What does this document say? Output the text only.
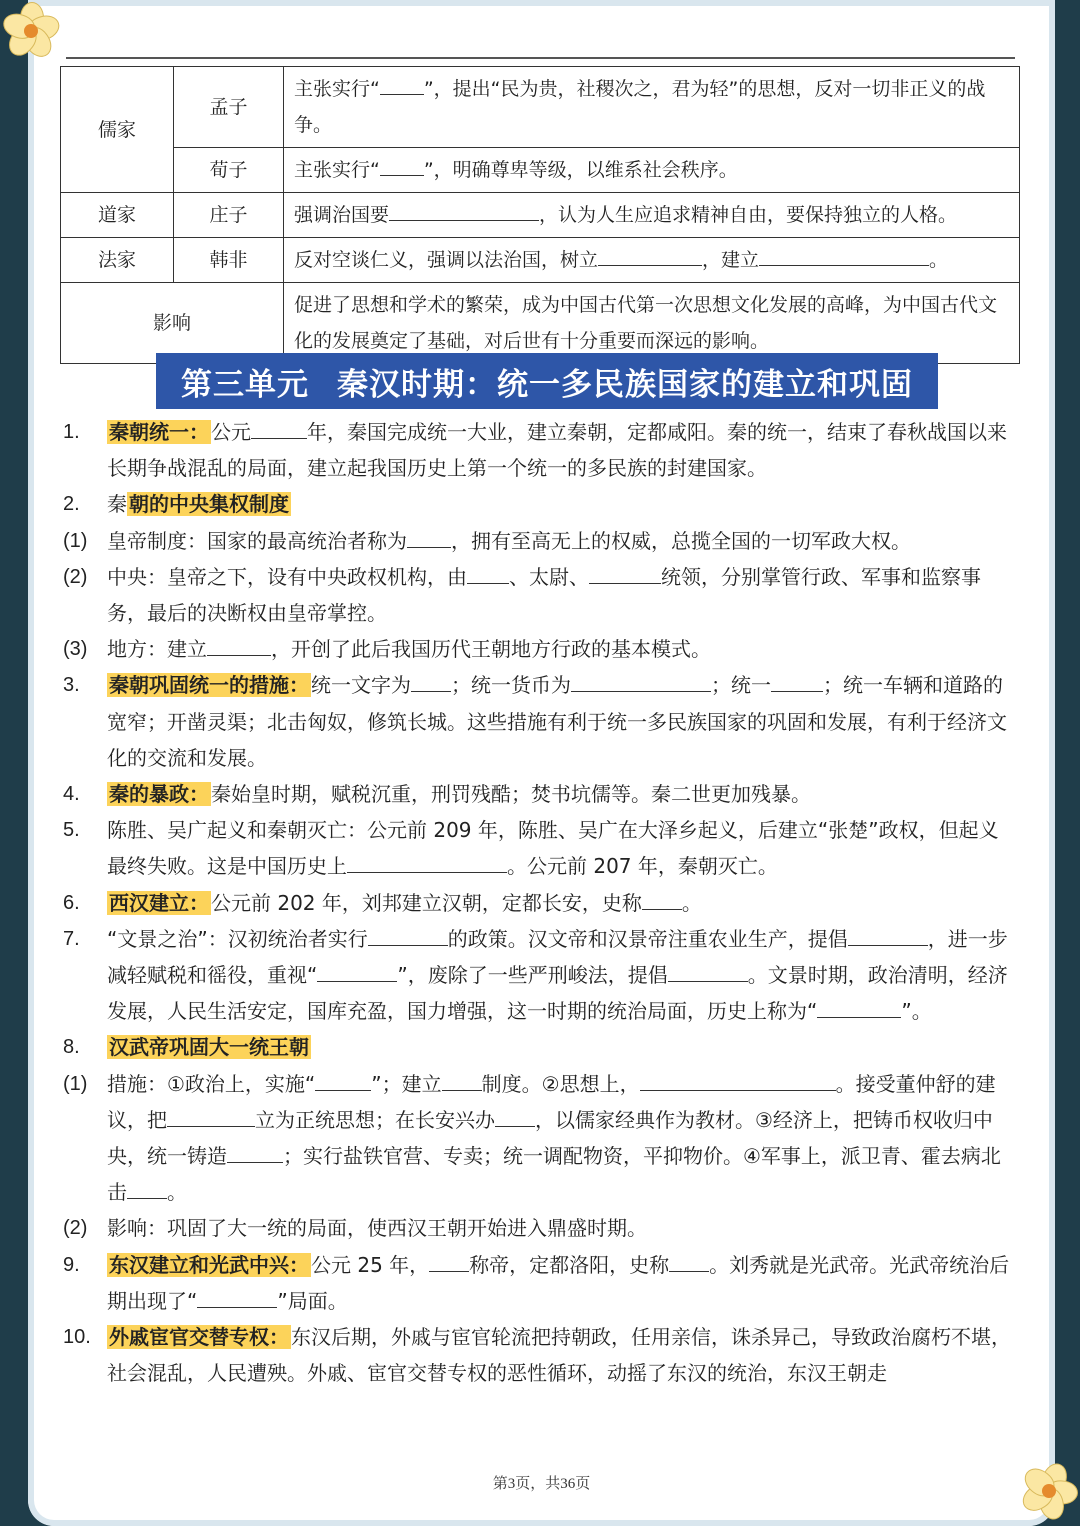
儒家	孟子	主张实行“ ”，提出“民为贵，社稷次之，君为轻”的思想，反对一切非正义的战争。
	荀子	主张实行“ ”，明确尊卑等级，以维系社会秩序。
道家	庄子	强调治国要 ，认为人生应追求精神自由，要保持独立的人格。
法家	韩非	反对空谈仁义，强调以法治国，树立 ，建立 。
影响		促进了思想和学术的繁荣，成为中国古代第一次思想文化发展的高峰，为中国古代文化的发展奠定了基础，对后世有十分重要而深远的影响。
第三单元 秦汉时期：统一多民族国家的建立和巩固
1.	秦朝统一： 公元	年，秦国完成统一大业，建立秦朝，定都咸阳。秦的统一，结束了春秋战国以来长期争战混乱的局面，建立起我国历史上第一个统一的多民族的封建国家。
2.	秦 朝的中央集权制度
(1) 皇帝制度：国家的最高统治者称为 ，拥有至高无上的权威，总揽全国的一切军政大权。
(2) 中央：皇帝之下，设有中央政权机构，由 、太尉、	统领，分别掌管行政、军事和监察事务，最后的决断权由皇帝掌控。
(3) 地方：建立	，开创了此后我国历代王朝地方行政的基本模式。
3.	秦朝巩固统一的措施： 统一文字为 ；统一货币为	；统一	；统一车辆和道路的宽窄；开凿灵渠；北击匈奴，修筑长城。这些措施有利于统一多民族国家的巩固和发展，有利于经济文化的交流和发展。
4.	秦的暴政： 秦始皇时期，赋税沉重，刑罚残酷；焚书坑儒等。秦二世更加残暴。
5.	陈胜、吴广起义和秦朝灭亡：公元前 209 年，陈胜、吴广在大泽乡起义，后建立“张楚”政权，但起义最终失败。这是中国历史上	。公元前 207 年，秦朝灭亡。
6.	西汉建立： 公元前 202 年，刘邦建立汉朝，定都长安，史称 。
7.	“文景之治”：汉初统治者实行	的政策。汉文帝和汉景帝注重农业生产，提倡	，进一步减轻赋税和徭役，重视“	”，废除了一些严刑峻法，提倡	。文景时期，政治清明，经济发展，人民生活安定，国库充盈，国力增强，这一时期的统治局面，历史上称为“	”。
8.	汉武帝巩固大一统王朝
(1) 措施：①政治上，实施“	”；建立 制度。②思想上，	。接受董仲舒的建议，把	立为正统思想；在长安兴办 ，以儒家经典作为教材。③经济上，把铸币权收归中央，统一铸造	；实行盐铁官营、专卖；统一调配物资，平抑物价。④军事上，派卫青、霍去病北击 。
(2) 影响：巩固了大一统的局面，使西汉王朝开始进入鼎盛时期。
9.	东汉建立和光武中兴： 公元 25 年， 称帝，定都洛阳，史称 。刘秀就是光武帝。光武帝统治后期出现了“	”局面。
10. 外戚宦官交替专权： 东汉后期，外戚与宦官轮流把持朝政，任用亲信，诛杀异己，导致政治腐朽不堪，社会混乱，人民遭殃。外戚、宦官交替专权的恶性循环，动摇了东汉的统治，东汉王朝走
第3页，共36页
